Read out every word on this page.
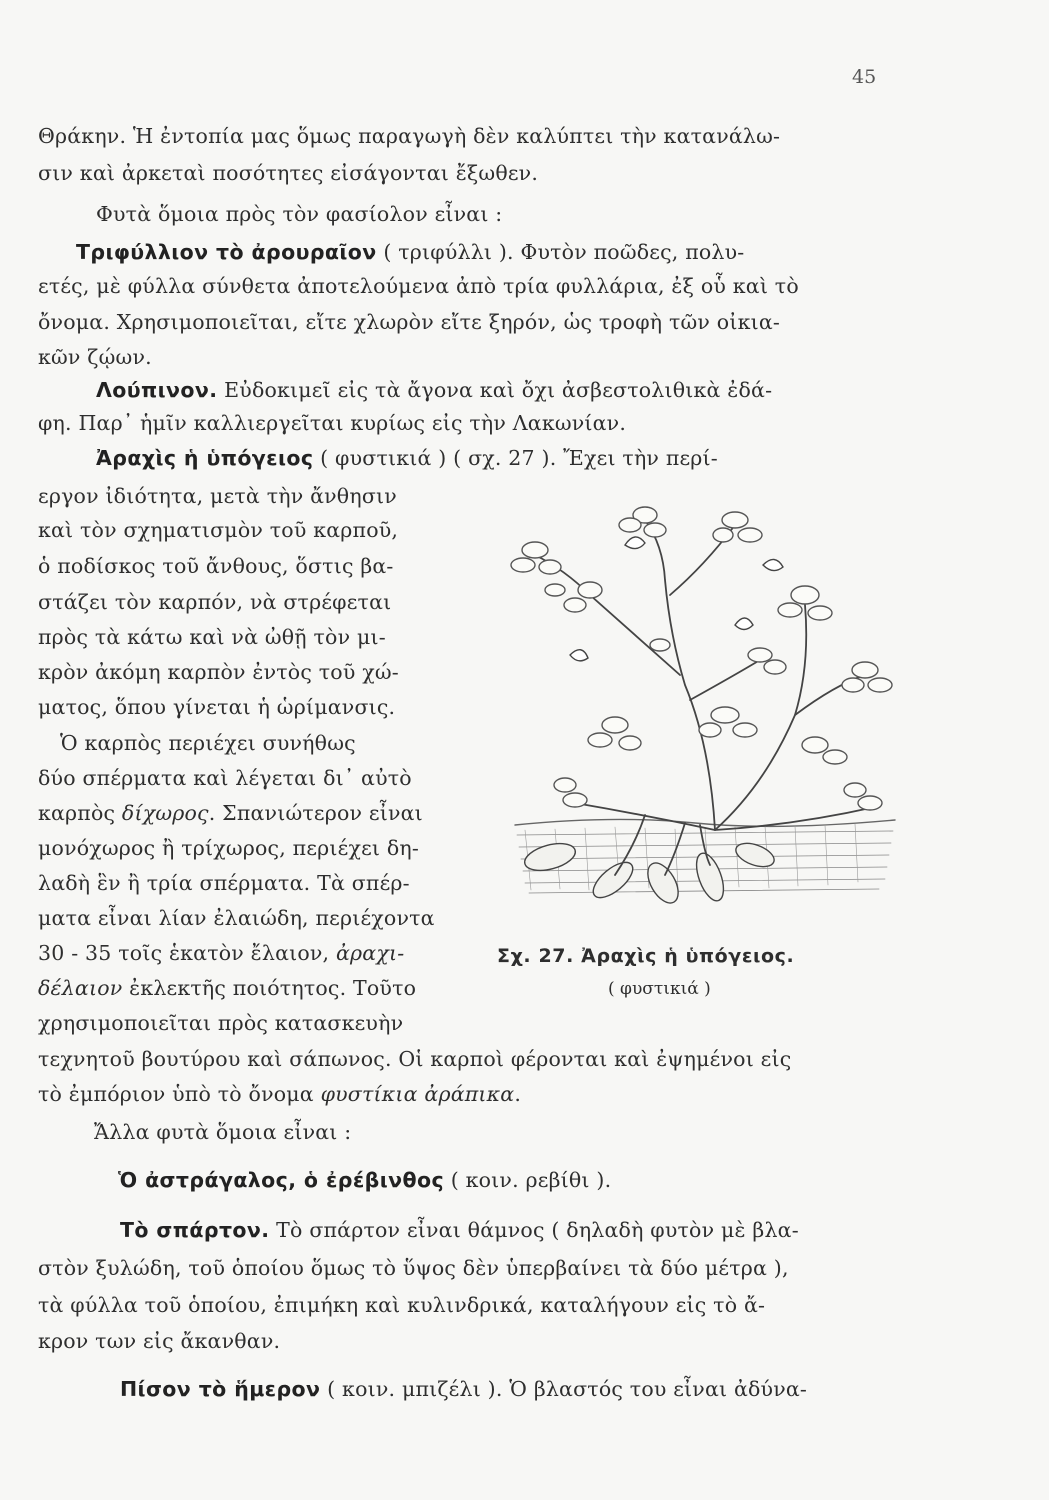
45
Θράκην. Ἡ ἐντοπία μας ὅμως παραγωγὴ δὲν καλύπτει τὴν κατανάλω-
σιν καὶ ἀρκεταὶ ποσότητες εἰσάγονται ἔξωθεν.
Φυτὰ ὅμοια πρὸς τὸν φασίολον εἶναι :
Τριφύλλιον τὸ ἀρουραῖον ( τριφύλλι ). Φυτὸν ποῶδες, πολυ-
ετές, μὲ φύλλα σύνθετα ἀποτελούμενα ἀπὸ τρία φυλλάρια, ἐξ οὗ καὶ τὸ
ὄνομα. Χρησιμοποιεῖται, εἴτε χλωρὸν εἴτε ξηρόν, ὡς τροφὴ τῶν οἰκια-
κῶν ζῴων.
Λούπινον. Εὐδοκιμεῖ εἰς τὰ ἄγονα καὶ ὄχι ἀσβεστολιθικὰ ἐδά-
φη. Παρ᾽ ἡμῖν καλλιεργεῖται κυρίως εἰς τὴν Λακωνίαν.
Ἀραχὶς ἡ ὑπόγειος ( φυστικιά ) ( σχ. 27 ). Ἔχει τὴν περί-
εργον ἰδιότητα, μετὰ τὴν ἄνθησιν
καὶ τὸν σχηματισμὸν τοῦ καρποῦ,
ὁ ποδίσκος τοῦ ἄνθους, ὅστις βα-
στάζει τὸν καρπόν, νὰ στρέφεται
πρὸς τὰ κάτω καὶ νὰ ὠθῇ τὸν μι-
κρὸν ἀκόμη καρπὸν ἐντὸς τοῦ χώ-
ματος, ὅπου γίνεται ἡ ὡρίμανσις.
Ὁ καρπὸς περιέχει συνήθως
δύο σπέρματα καὶ λέγεται δι᾽ αὐτὸ
καρπὸς δίχωρος. Σπανιώτερον εἶναι
μονόχωρος ἢ τρίχωρος, περιέχει δη-
λαδὴ ἓν ἢ τρία σπέρματα. Τὰ σπέρ-
ματα εἶναι λίαν ἐλαιώδη, περιέχοντα
30 - 35 τοῖς ἑκατὸν ἔλαιον, ἀραχι-
δέλαιον ἐκλεκτῆς ποιότητος. Τοῦτο
χρησιμοποιεῖται πρὸς κατασκευὴν
τεχνητοῦ βουτύρου καὶ σάπωνος. Οἱ καρποὶ φέρονται καὶ ἐψημένοι εἰς
τὸ ἐμπόριον ὑπὸ τὸ ὄνομα φυστίκια ἀράπικα.
Ἄλλα φυτὰ ὅμοια εἶναι :
Ὁ ἀστράγαλος, ὁ ἐρέβινθος ( κοιν. ρεβίθι ).
Τὸ σπάρτον. Τὸ σπάρτον εἶναι θάμνος ( δηλαδὴ φυτὸν μὲ βλα-
στὸν ξυλώδη, τοῦ ὁποίου ὅμως τὸ ὕψος δὲν ὑπερβαίνει τὰ δύο μέτρα ),
τὰ φύλλα τοῦ ὁποίου, ἐπιμήκη καὶ κυλινδρικά, καταλήγουν εἰς τὸ ἄ-
κρον των εἰς ἄκανθαν.
Πίσον τὸ ἥμερον ( κοιν. μπιζέλι ). Ὁ βλαστός του εἶναι ἀδύνα-
Σχ. 27. Ἀραχὶς ἡ ὑπόγειος.
( φυστικιά )
